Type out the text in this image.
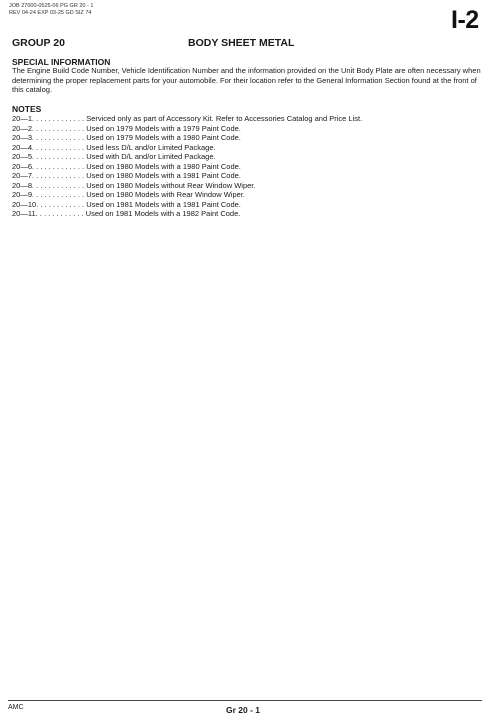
JOB 27000-0525-06 PG GR 20 - 1
REV 04-24 EXP 03-25 GD SIZ 74	I-2
GROUP 20	BODY SHEET METAL
SPECIAL INFORMATION
The Engine Build Code Number, Vehicle Identification Number and the information provided on the Unit Body Plate are often necessary when determining the proper replacement parts for your automobile. For their location refer to the General Information Section found at the front of this catalog.
NOTES
20—1. . . . . . . . . . . . . Serviced only as part of Accessory Kit. Refer to Accessories Catalog and Price List.
20—2. . . . . . . . . . . . . Used on 1979 Models with a 1979 Paint Code.
20—3. . . . . . . . . . . . . Used on 1979 Models with a 1980 Paint Code.
20—4. . . . . . . . . . . . . Used less D/L and/or Limited Package.
20—5. . . . . . . . . . . . . Used with D/L and/or Limited Package.
20—6. . . . . . . . . . . . . Used on 1980 Models with a 1980 Paint Code.
20—7. . . . . . . . . . . . . Used on 1980 Models with a 1981 Paint Code.
20—8. . . . . . . . . . . . . Used on 1980 Models without Rear Window Wiper.
20—9. . . . . . . . . . . . . Used on 1980 Models with Rear Window Wiper.
20—10. . . . . . . . . . . . Used on 1981 Models with a 1981 Paint Code.
20—11. . . . . . . . . . . . Used on 1981 Models with a 1982 Paint Code.
AMC	Gr 20 - 1
